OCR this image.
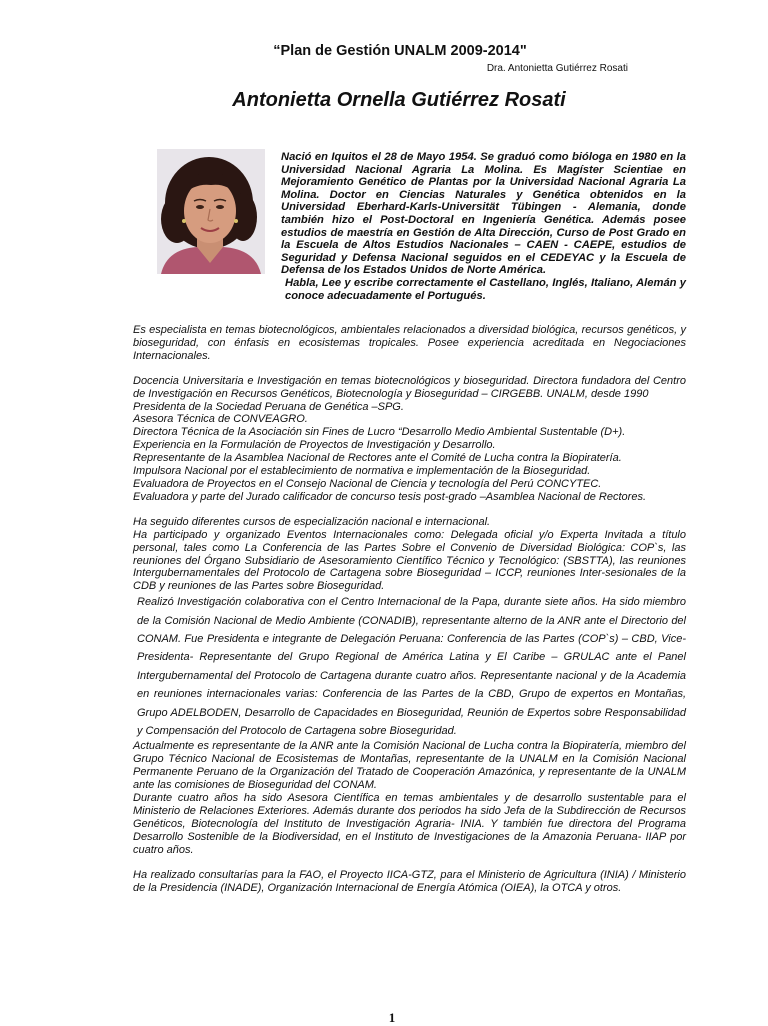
“Plan de Gestión UNALM 2009-2014"
Dra. Antonietta Gutiérrez Rosati
Antonietta Ornella Gutiérrez Rosati

Nació en Iquitos el 28 de Mayo 1954. Se graduó como bióloga en 1980 en la Universidad Nacional Agraria La Molina. Es Magíster Scientiae en Mejoramiento Genético de Plantas por la Universidad Nacional Agraria La Molina. Doctor en Ciencias Naturales y Genética obtenidos en la Universidad Eberhard-Karls-Universität Tübingen - Alemania, donde también hizo el Post-Doctoral en Ingeniería Genética. Además posee estudios de maestría en Gestión de Alta Dirección, Curso de Post Grado en la Escuela de Altos Estudios Nacionales – CAEN - CAEPE, estudios de Seguridad y Defensa Nacional seguidos en el CEDEYAC y la Escuela de Defensa de los Estados Unidos de Norte América.

Habla, Lee y escribe correctamente el Castellano, Inglés, Italiano, Alemán y conoce adecuadamente el Portugués.

Es especialista en temas biotecnológicos, ambientales relacionados a diversidad biológica, recursos genéticos, y bioseguridad, con énfasis en ecosistemas tropicales. Posee experiencia acreditada en Negociaciones Internacionales.

Docencia Universitaria e Investigación en temas biotecnológicos y bioseguridad. Directora fundadora del Centro de Investigación en Recursos Genéticos, Biotecnología y Bioseguridad – CIRGEBB. UNALM, desde 1990

Presidenta de la Sociedad Peruana de Genética –SPG.

Asesora Técnica de CONVEAGRO.

Directora Técnica de la Asociación sin Fines de Lucro “Desarrollo Medio Ambiental Sustentable (D+).

Experiencia en la Formulación de Proyectos de Investigación y Desarrollo.

Representante de la Asamblea Nacional de Rectores ante el Comité de Lucha contra la Biopiratería.

Impulsora Nacional por el establecimiento de normativa e implementación de la Bioseguridad.

Evaluadora de Proyectos en el Consejo Nacional de Ciencia y tecnología del Perú CONCYTEC.

Evaluadora y parte del Jurado calificador de concurso tesis post-grado –Asamblea Nacional de Rectores.

Ha seguido diferentes cursos de especialización nacional e internacional.

Ha participado y organizado Eventos Internacionales como: Delegada oficial y/o Experta Invitada a título personal, tales como La Conferencia de las Partes Sobre el Convenio de Diversidad Biológica: COP`s, las reuniones del Órgano Subsidiario de Asesoramiento Científico Técnico y Tecnológico: (SBSTTA), las reuniones Intergubernamentales del Protocolo de Cartagena sobre Bioseguridad – ICCP, reuniones Inter-sesionales de la CDB y reuniones de las Partes sobre Bioseguridad.

Realizó Investigación colaborativa con el Centro Internacional de la Papa, durante siete años. Ha sido miembro de la Comisión Nacional de Medio Ambiente (CONADIB), representante alterno de la ANR ante el Directorio del CONAM. Fue Presidenta e integrante de Delegación Peruana: Conferencia de las Partes (COP`s) – CBD, Vice-Presidenta- Representante del Grupo Regional de América Latina y El Caribe – GRULAC ante el Panel Intergubernamental del Protocolo de Cartagena durante cuatro años. Representante nacional y de la Academia en reuniones internacionales varias: Conferencia de las Partes de la CBD, Grupo de expertos en Montañas, Grupo ADELBODEN, Desarrollo de Capacidades en Bioseguridad, Reunión de Expertos sobre Responsabilidad y Compensación del Protocolo de Cartagena sobre Bioseguridad.

Actualmente es representante de la ANR ante la Comisión Nacional de Lucha contra la Biopiratería, miembro del Grupo Técnico Nacional de Ecosistemas de Montañas, representante de la UNALM en la Comisión Nacional Permanente Peruano de la Organización del Tratado de Cooperación Amazónica, y representante de la UNALM ante las comisiones de Bioseguridad del CONAM.

Durante cuatro años ha sido Asesora Científica en temas ambientales y de desarrollo sustentable para el Ministerio de Relaciones Exteriores. Además durante dos periodos ha sido Jefa de la Subdirección de Recursos Genéticos, Biotecnología del Instituto de Investigación Agraria- INIA. Y también fue directora del Programa Desarrollo Sostenible de la Biodiversidad, en el Instituto de Investigaciones de la Amazonia Peruana- IIAP por cuatro años.

Ha realizado consultarías para la FAO, el Proyecto IICA-GTZ, para el Ministerio de Agricultura (INIA) / Ministerio de la Presidencia (INADE), Organización Internacional de Energía Atómica (OIEA), la OTCA y otros.

1
